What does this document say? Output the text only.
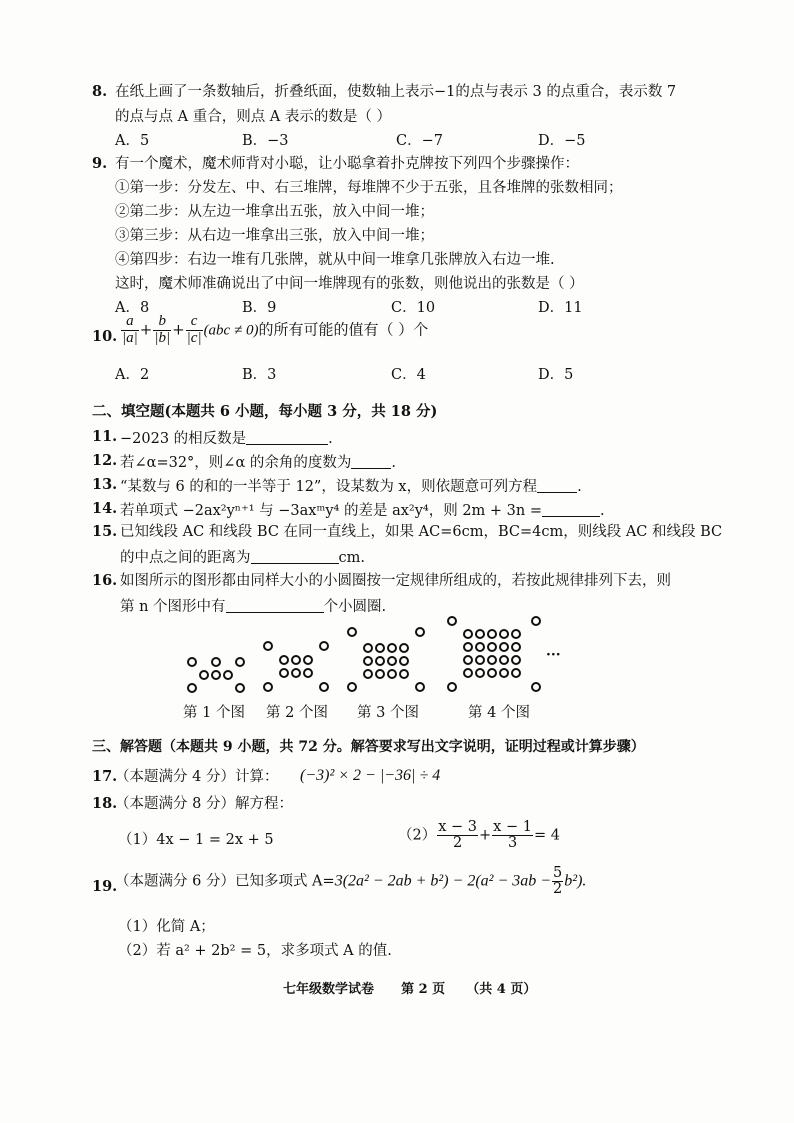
8. 在纸上画了一条数轴后，折叠纸面，使数轴上表示−1的点与表示 3 的点重合，表示数 7
的点与点 A 重合，则点 A 表示的数是（ ）
A．5	B．−3	C．−7	D．−5
9. 有一个魔术，魔术师背对小聪，让小聪拿着扑克牌按下列四个步骤操作：
①第一步：分发左、中、右三堆牌，每堆牌不少于五张，且各堆牌的张数相同；
②第二步：从左边一堆拿出五张，放入中间一堆；
③第三步：从右边一堆拿出三张，放入中间一堆；
④第四步：右边一堆有几张牌，就从中间一堆拿几张牌放入右边一堆.
这时，魔术师准确说出了中间一堆牌现有的张数，则他说出的张数是（ ）
A．8	B．9	C．10	D．11
10. $\frac{a}{|a|} + \frac{b}{|b|} + \frac{c}{|c|} (abc \ne 0)$的所有可能的值有（ ）个
A．2	B．3	C．4	D．5
二、填空题(本题共 6 小题，每小题 3 分，共 18 分)
11. −2023 的相反数是	.
12. 若∠α=32°，则∠α 的余角的度数为	.
13. “某数与 6 的和的一半等于 12”，设某数为 x，则依题意可列方程	.
14. 若单项式 −2ax²yⁿ⁺¹ 与 −3axᵐy⁴ 的差是 ax²y⁴，则 2m + 3n =	.
15. 已知线段 AC 和线段 BC 在同一直线上，如果 AC=6cm，BC=4cm，则线段 AC 和线段 BC
的中点之间的距离为	cm.
16. 如图所示的图形都由同样大小的小圆圈按一定规律所组成的，若按此规律排列下去，则
第 n 个图形中有	个小圆圈.
···
第 1 个图 第 2 个图 第 3 个图	第 4 个图
三、解答题（本题共 9 小题，共 72 分。解答要求写出文字说明，证明过程或计算步骤）
17.
（本题满分 4 分）计算： (−3)² × 2 − |−36| ÷ 4
18.
（本题满分 8 分）解方程：
（1）4x − 1 = 2x + 5	$(2) \frac{x - 3}{2} + \frac{x - 1}{3} = 4$
19.
（本题满分 6 分）已知多项式 $A=3(2a^2 - 2ab + b^2) - 2(a^2 - 3ab - \frac{5}{2} b^2)$.
（1）化简 A；
（2）若 a² + 2b² = 5，求多项式 A 的值.
七年级数学试卷 第 2 页 （共 4 页）
